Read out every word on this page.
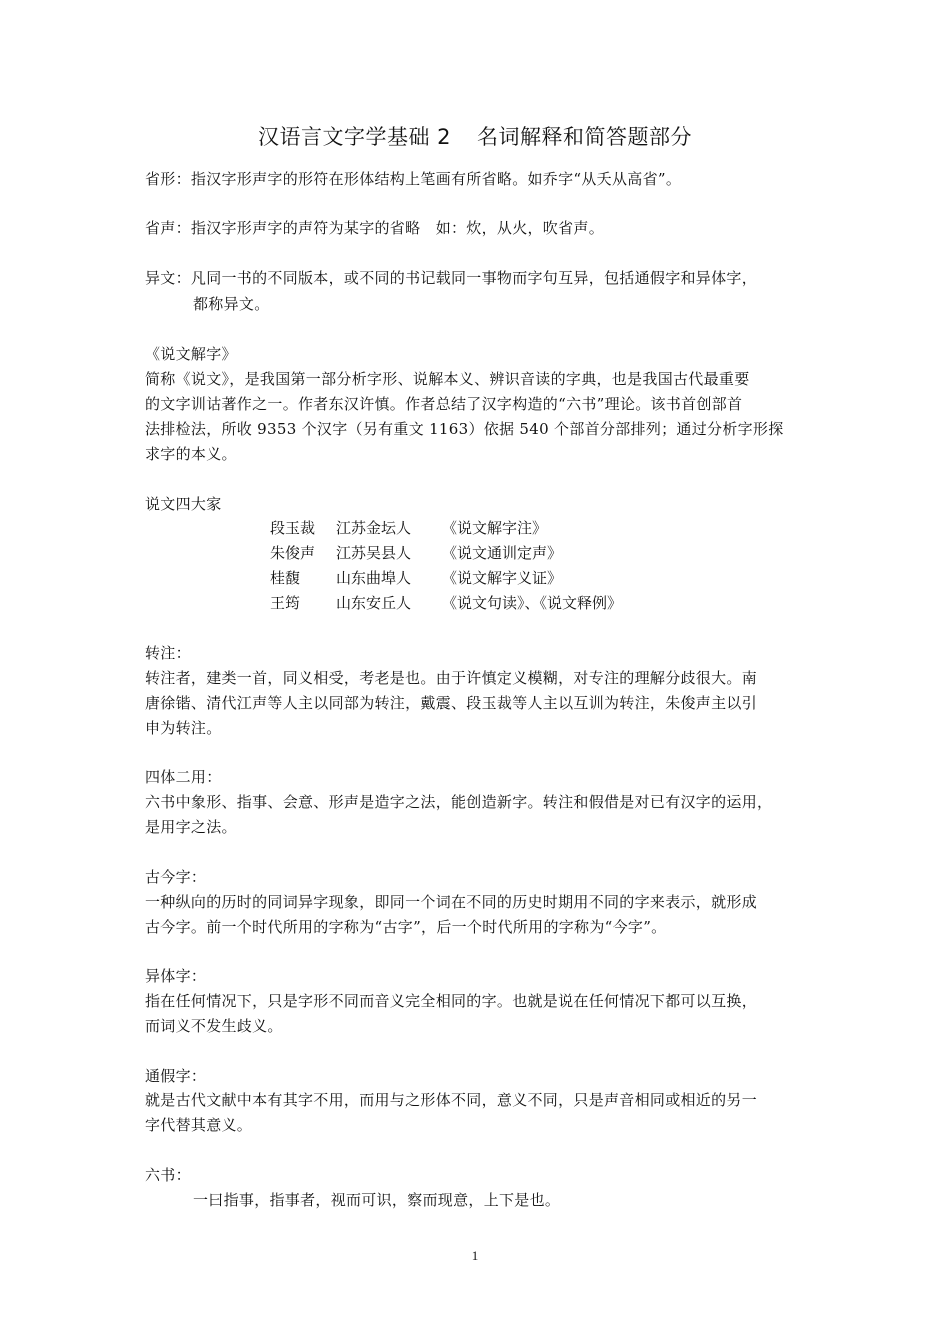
汉语言文字学基础 2 名词解释和简答题部分
省形：指汉字形声字的形符在形体结构上笔画有所省略。如乔字“从夭从高省”。
省声：指汉字形声字的声符为某字的省略　如：炊，从火，吹省声。
异文：凡同一书的不同版本，或不同的书记载同一事物而字句互异，包括通假字和异体字，
都称异文。
《说文解字》
简称《说文》，是我国第一部分析字形、说解本义、辨识音读的字典，也是我国古代最重要
的文字训诂著作之一。作者东汉许慎。作者总结了汉字构造的“六书”理论。该书首创部首
法排检法，所收 9353 个汉字（另有重文 1163）依据 540 个部首分部排列；通过分析字形探
求字的本义。
说文四大家
段玉裁 江苏金坛人 《说文解字注》
朱俊声 江苏吴县人 《说文通训定声》
桂馥 山东曲埠人 《说文解字义证》
王筠 山东安丘人 《说文句读》、《说文释例》
转注：
转注者，建类一首，同义相受，考老是也。由于许慎定义模糊，对专注的理解分歧很大。南
唐徐锴、清代江声等人主以同部为转注，戴震、段玉裁等人主以互训为转注，朱俊声主以引
申为转注。
四体二用：
六书中象形、指事、会意、形声是造字之法，能创造新字。转注和假借是对已有汉字的运用，
是用字之法。
古今字：
一种纵向的历时的同词异字现象，即同一个词在不同的历史时期用不同的字来表示，就形成
古今字。前一个时代所用的字称为“古字”，后一个时代所用的字称为“今字”。
异体字：
指在任何情况下，只是字形不同而音义完全相同的字。也就是说在任何情况下都可以互换，
而词义不发生歧义。
通假字：
就是古代文献中本有其字不用，而用与之形体不同，意义不同，只是声音相同或相近的另一
字代替其意义。
六书：
一曰指事，指事者，视而可识，察而现意，上下是也。
1
